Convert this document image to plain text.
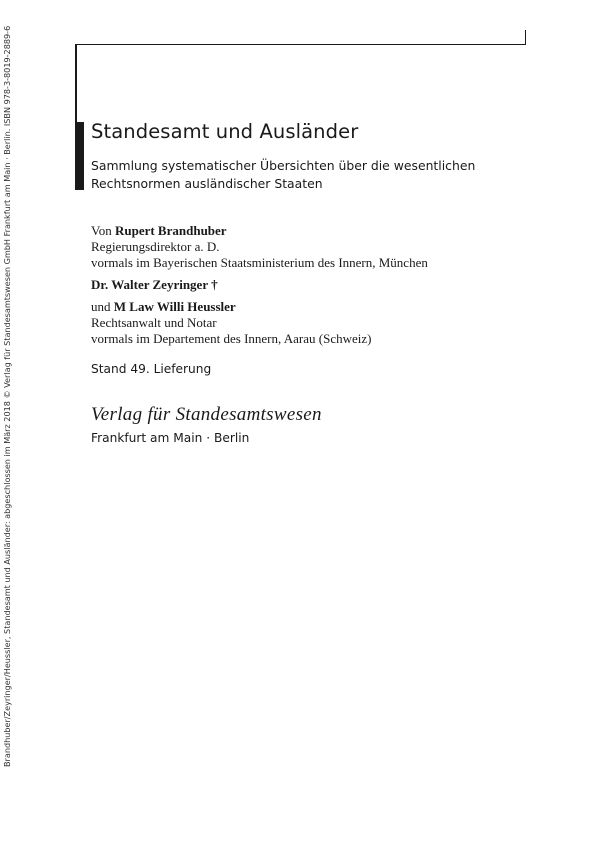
Standesamt und Ausländer
Sammlung systematischer Übersichten über die wesentlichen Rechtsnormen ausländischer Staaten
Von Rupert Brandhuber
Regierungsdirektor a. D.
vormals im Bayerischen Staatsministerium des Innern, München
Dr. Walter Zeyringer †
und M Law Willi Heussler
Rechtsanwalt und Notar
vormals im Departement des Innern, Aarau (Schweiz)
Stand 49. Lieferung
Verlag für Standesamtswesen
Frankfurt am Main · Berlin
Brandhuber/Zeyringer/Heussler, Standesamt und Ausländer: abgeschlossen im März 2018 © Verlag für Standesamtswesen GmbH Frankfurt am Main · Berlin. ISBN 978-3-8019-2889-6
